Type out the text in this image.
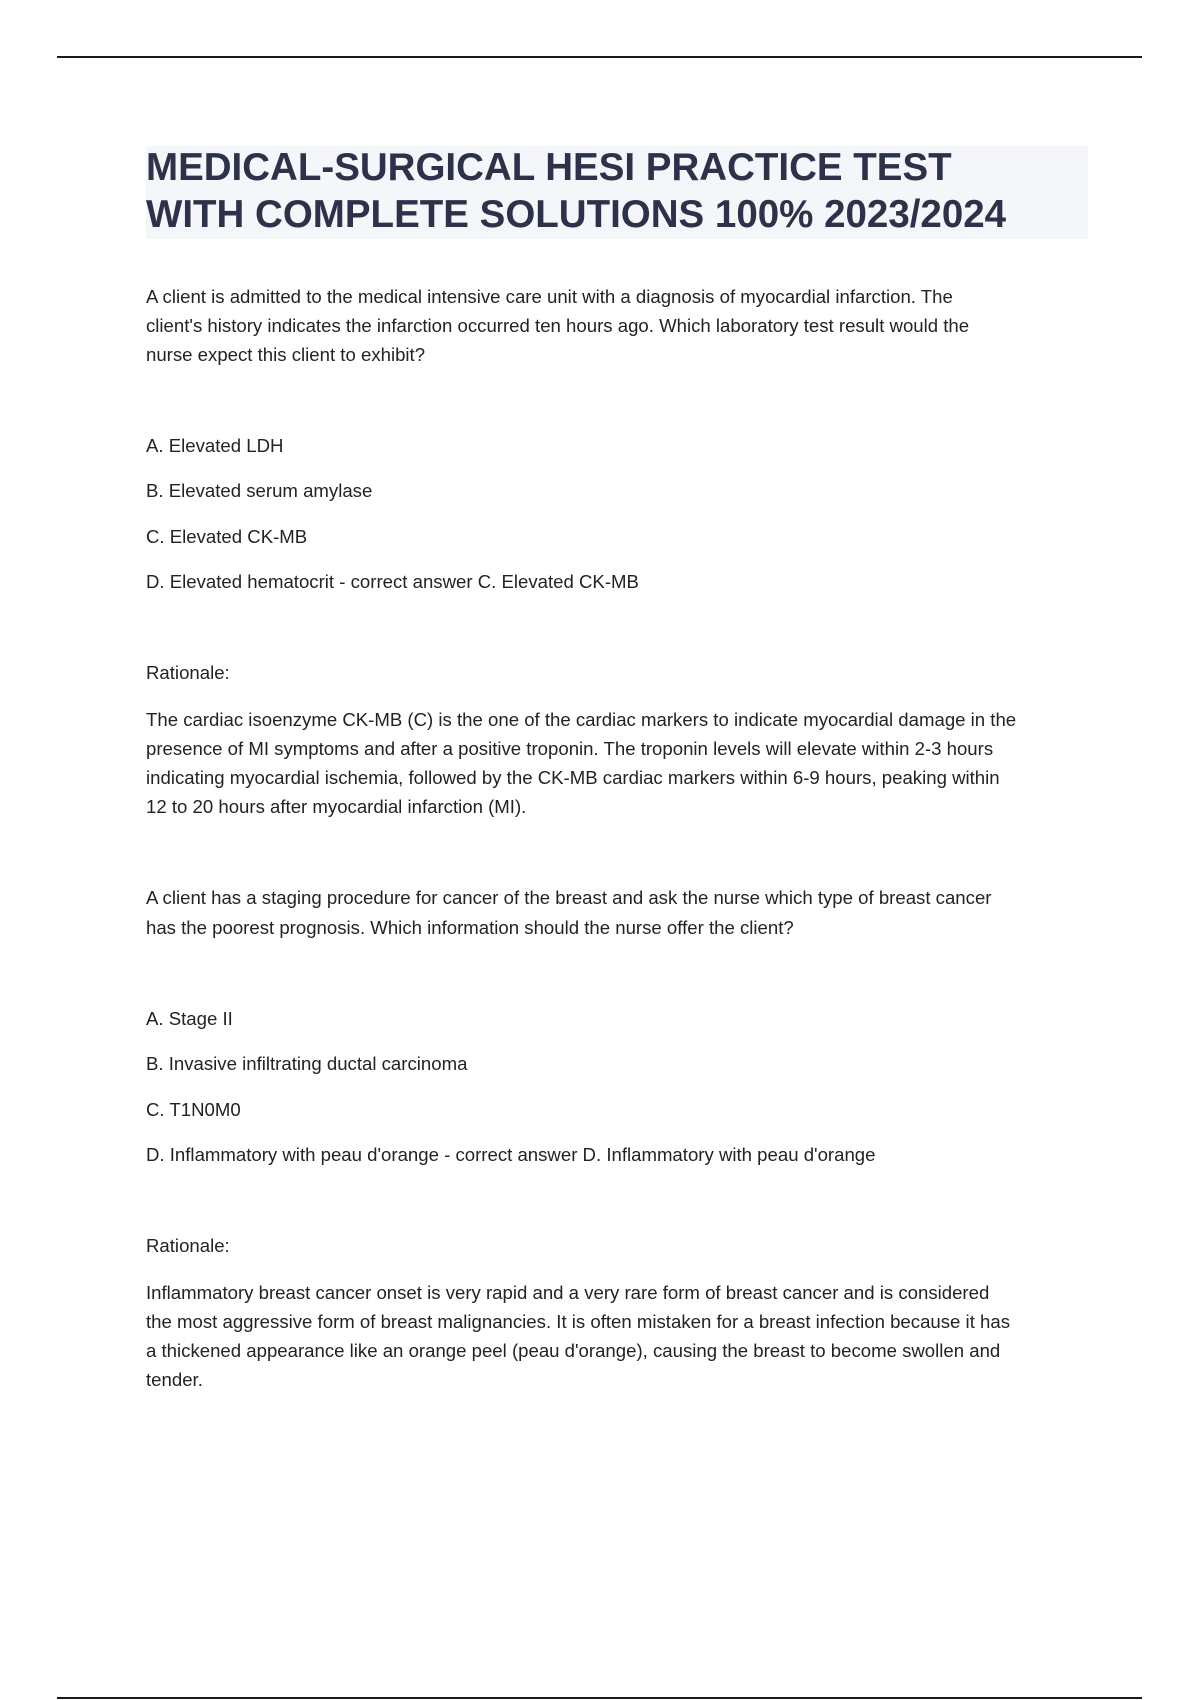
MEDICAL-SURGICAL HESI PRACTICE TEST
WITH COMPLETE SOLUTIONS 100% 2023/2024
A client is admitted to the medical intensive care unit with a diagnosis of myocardial infarction. The
client's history indicates the infarction occurred ten hours ago. Which laboratory test result would the
nurse expect this client to exhibit?
A. Elevated LDH
B. Elevated serum amylase
C. Elevated CK-MB
D. Elevated hematocrit - correct answer C. Elevated CK-MB
Rationale:
The cardiac isoenzyme CK-MB (C) is the one of the cardiac markers to indicate myocardial damage in the
presence of MI symptoms and after a positive troponin. The troponin levels will elevate within 2-3 hours
indicating myocardial ischemia, followed by the CK-MB cardiac markers within 6-9 hours, peaking within
12 to 20 hours after myocardial infarction (MI).
A client has a staging procedure for cancer of the breast and ask the nurse which type of breast cancer
has the poorest prognosis. Which information should the nurse offer the client?
A. Stage II
B. Invasive infiltrating ductal carcinoma
C. T1N0M0
D. Inflammatory with peau d'orange - correct answer D. Inflammatory with peau d'orange
Rationale:
Inflammatory breast cancer onset is very rapid and a very rare form of breast cancer and is considered
the most aggressive form of breast malignancies. It is often mistaken for a breast infection because it has
a thickened appearance like an orange peel (peau d'orange), causing the breast to become swollen and
tender.
